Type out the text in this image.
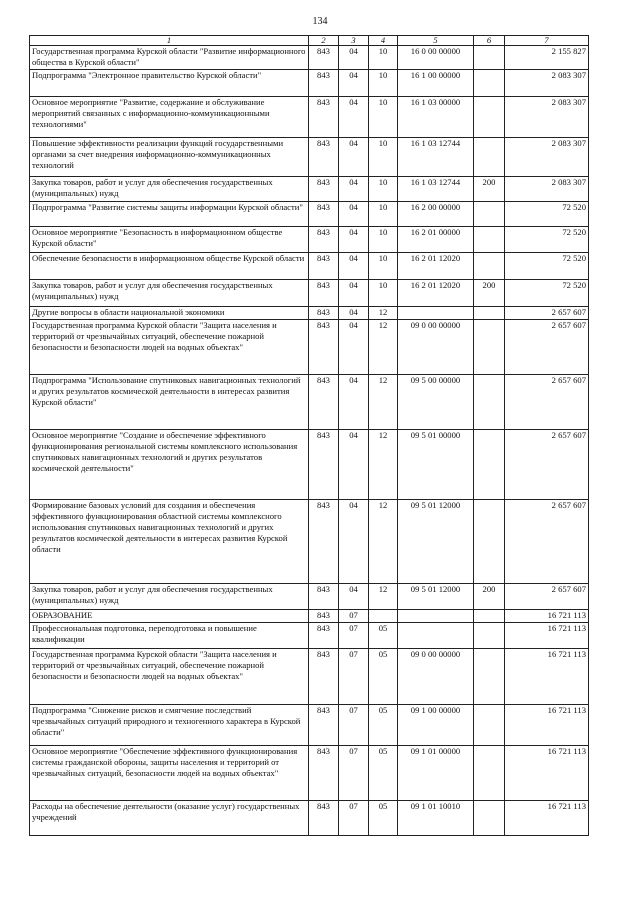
134
1	2	3	4	5	6	7
Государственная программа Курской области "Развитие информационного общества в Курской области"	843	04	10	16 0 00 00000		2 155 827
Подпрограмма "Электронное правительство Курской области"	843	04	10	16 1 00 00000		2 083 307
Основное мероприятие "Развитие, содержание и обслуживание мероприятий связанных с информационно-коммуникационными технологиями"	843	04	10	16 1 03 00000		2 083 307
Повышение эффективности реализации функций государственными органами за счет внедрения информационно-коммуникационных технологий	843	04	10	16 1 03 12744		2 083 307
Закупка товаров, работ и услуг для обеспечения государственных (муниципальных) нужд	843	04	10	16 1 03 12744	200	2 083 307
Подпрограмма "Развитие системы защиты информации Курской области"	843	04	10	16 2 00 00000		72 520
Основное мероприятие "Безопасность в информационном обществе Курской области"	843	04	10	16 2 01 00000		72 520
Обеспечение безопасности в информационном обществе Курской области	843	04	10	16 2 01 12020		72 520
Закупка товаров, работ и услуг для обеспечения государственных (муниципальных) нужд	843	04	10	16 2 01 12020	200	72 520
Другие вопросы в области национальной экономики	843	04	12			2 657 607
Государственная программа Курской области "Защита населения и территорий от чрезвычайных ситуаций, обеспечение пожарной безопасности и безопасности людей на водных объектах"	843	04	12	09 0 00 00000		2 657 607
Подпрограмма "Использование спутниковых навигационных технологий и других результатов космической деятельности в интересах развития Курской области"	843	04	12	09 5 00 00000		2 657 607
Основное мероприятие "Создание и обеспечение эффективного функционирования региональной системы комплексного использования спутниковых навигационных технологий и других результатов космической деятельности"	843	04	12	09 5 01 00000		2 657 607
Формирование базовых условий для создания и обеспечения эффективного функционирования областной системы комплексного использования спутниковых навигационных технологий и других результатов космической деятельности в интересах развития Курской области	843	04	12	09 5 01 12000		2 657 607
Закупка товаров, работ и услуг для обеспечения государственных (муниципальных) нужд	843	04	12	09 5 01 12000	200	2 657 607
ОБРАЗОВАНИЕ	843	07				16 721 113
Профессиональная подготовка, переподготовка и повышение квалификации	843	07	05			16 721 113
Государственная программа Курской области "Защита населения и территорий от чрезвычайных ситуаций, обеспечение пожарной безопасности и безопасности людей на водных объектах"	843	07	05	09 0 00 00000		16 721 113
Подпрограмма "Снижение рисков и смягчение последствий чрезвычайных ситуаций природного и техногенного характера в Курской области"	843	07	05	09 1 00 00000		16 721 113
Основное мероприятие "Обеспечение эффективного функционирования системы гражданской обороны, защиты населения и территорий от чрезвычайных ситуаций, безопасности людей на водных объектах"	843	07	05	09 1 01 00000		16 721 113
Расходы на обеспечение деятельности (оказание услуг) государственных учреждений	843	07	05	09 1 01 10010		16 721 113
